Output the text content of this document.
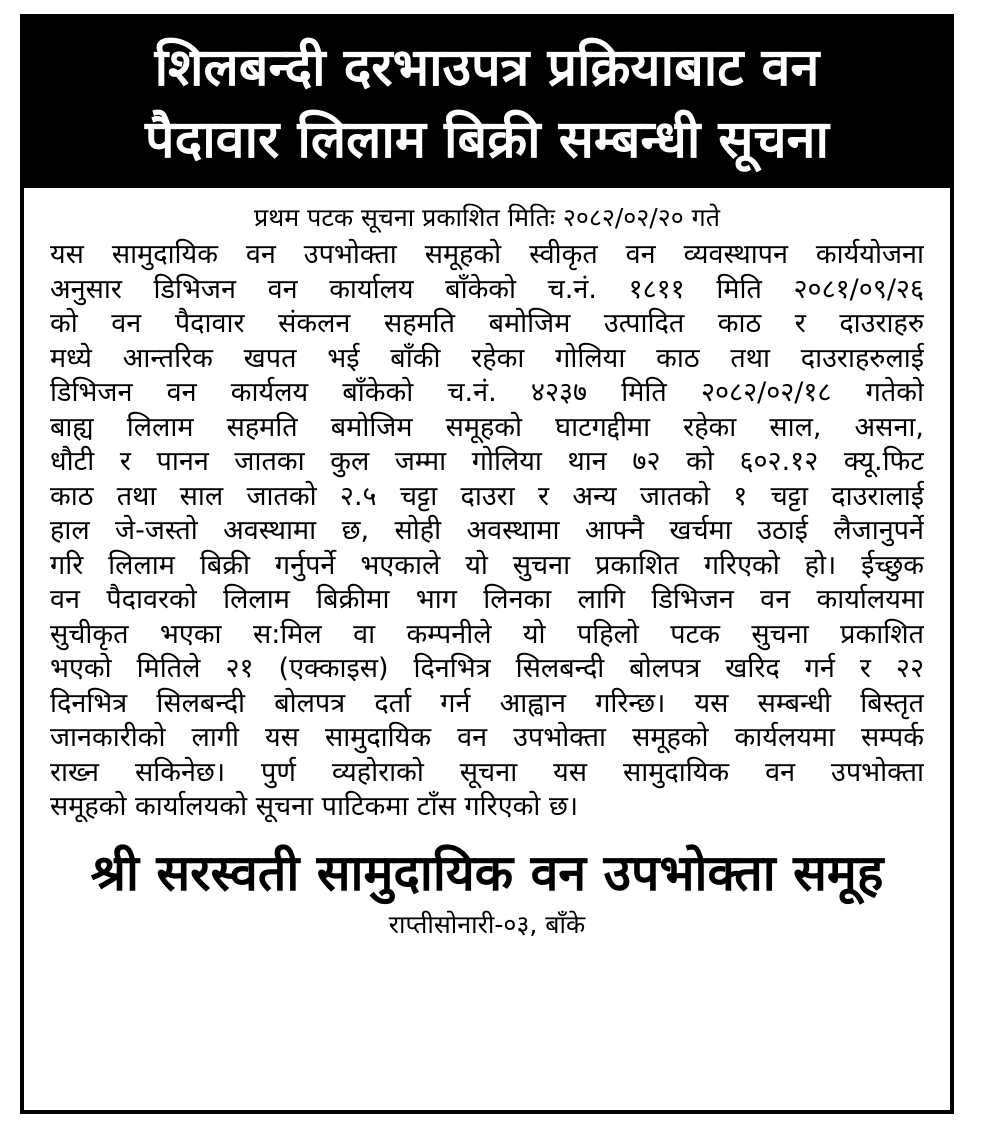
शिलबन्दी दरभाउपत्र प्रक्रियाबाट वन
पैदावार लिलाम बिक्री सम्बन्धी सूचना
प्रथम पटक सूचना प्रकाशित मितिः २०८२/०२/२० गते
यस सामुदायिक वन उपभोक्ता समूहको स्वीकृत वन व्यवस्थापन कार्ययोजना
अनुसार डिभिजन वन कार्यालय बाँकेको च.नं. १८११ मिति २०८१/०९/२६
को वन पैदावार संकलन सहमति बमोजिम उत्पादित काठ र दाउराहरु
मध्ये आन्तरिक खपत भई बाँकी रहेका गोलिया काठ तथा दाउराहरुलाई
डिभिजन वन कार्यलय बाँकेको च.नं. ४२३७ मिति २०८२/०२/१८ गतेको
बाह्य लिलाम सहमति बमोजिम समूहको घाटगद्दीमा रहेका साल, असना,
धौटी र पानन जातका कुल जम्मा गोलिया थान ७२ को ६०२.१२ क्यू.फिट
काठ तथा साल जातको २.५ चट्टा दाउरा र अन्य जातको १ चट्टा दाउरालाई
हाल जे-जस्तो अवस्थामा छ, सोही अवस्थामा आफ्नै खर्चमा उठाई लैजानुपर्ने
गरि लिलाम बिक्री गर्नुपर्ने भएकाले यो सुचना प्रकाशित गरिएको हो। ईच्छुक
वन पैदावरको लिलाम बिक्रीमा भाग लिनका लागि डिभिजन वन कार्यालयमा
सुचीकृत भएका स:मिल वा कम्पनीले यो पहिलो पटक सुचना प्रकाशित
भएको मितिले २१ (एक्काइस) दिनभित्र सिलबन्दी बोलपत्र खरिद गर्न र २२
दिनभित्र सिलबन्दी बोलपत्र दर्ता गर्न आह्वान गरिन्छ। यस सम्बन्धी बिस्तृत
जानकारीको लागी यस सामुदायिक वन उपभोक्ता समूहको कार्यलयमा सम्पर्क
राख्न सकिनेछ। पुर्ण व्यहोराको सूचना यस सामुदायिक वन उपभोक्ता
समूहको कार्यालयको सूचना पाटिकमा टाँस गरिएको छ।
श्री सरस्वती सामुदायिक वन उपभोक्ता समूह
राप्तीसोनारी-०३, बाँके
